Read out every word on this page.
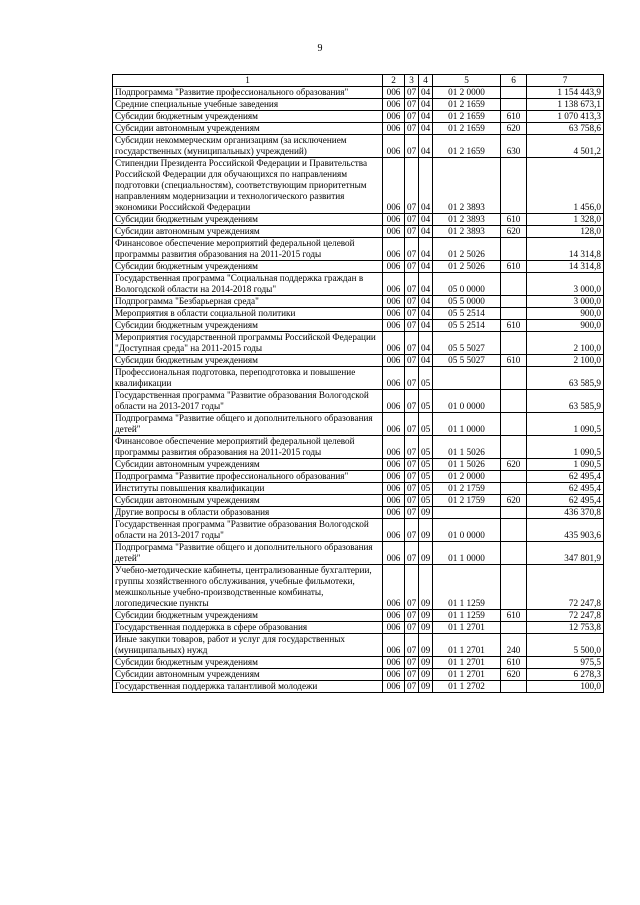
9
1	2	3	4	5	6	7
Подпрограмма "Развитие профессионального образования"	006	07	04	01 2 0000		1 154 443,9
Средние специальные учебные заведения	006	07	04	01 2 1659		1 138 673,1
Субсидии бюджетным учреждениям	006	07	04	01 2 1659	610	1 070 413,3
Субсидии автономным учреждениям	006	07	04	01 2 1659	620	63 758,6
Субсидии некоммерческим организациям (за исключением государственных (муниципальных) учреждений)	006	07	04	01 2 1659	630	4 501,2
Стипендии Президента Российской Федерации и Правительства Российской Федерации для обучающихся по направлениям подготовки (специальностям), соответствующим приоритетным направлениям модернизации и технологического развития экономики Российской Федерации	006	07	04	01 2 3893		1 456,0
Субсидии бюджетным учреждениям	006	07	04	01 2 3893	610	1 328,0
Субсидии автономным учреждениям	006	07	04	01 2 3893	620	128,0
Финансовое обеспечение мероприятий федеральной целевой программы развития образования на 2011-2015 годы	006	07	04	01 2 5026		14 314,8
Субсидии бюджетным учреждениям	006	07	04	01 2 5026	610	14 314,8
Государственная программа "Социальная поддержка граждан в Вологодской области на 2014-2018 годы"	006	07	04	05 0 0000		3 000,0
Подпрограмма "Безбарьерная среда"	006	07	04	05 5 0000		3 000,0
Мероприятия в области социальной политики	006	07	04	05 5 2514		900,0
Субсидии бюджетным учреждениям	006	07	04	05 5 2514	610	900,0
Мероприятия государственной программы Российской Федерации "Доступная среда" на 2011-2015 годы	006	07	04	05 5 5027		2 100,0
Субсидии бюджетным учреждениям	006	07	04	05 5 5027	610	2 100,0
Профессиональная подготовка, переподготовка и повышение квалификации	006	07	05			63 585,9
Государственная программа "Развитие образования Вологодской области на 2013-2017 годы"	006	07	05	01 0 0000		63 585,9
Подпрограмма "Развитие общего и дополнительного образования детей"	006	07	05	01 1 0000		1 090,5
Финансовое обеспечение мероприятий федеральной целевой программы развития образования на 2011-2015 годы	006	07	05	01 1 5026		1 090,5
Субсидии автономным учреждениям	006	07	05	01 1 5026	620	1 090,5
Подпрограмма "Развитие профессионального образования"	006	07	05	01 2 0000		62 495,4
Институты повышения квалификации	006	07	05	01 2 1759		62 495,4
Субсидии автономным учреждениям	006	07	05	01 2 1759	620	62 495,4
Другие вопросы в области образования	006	07	09			436 370,8
Государственная программа "Развитие образования Вологодской области на 2013-2017 годы"	006	07	09	01 0 0000		435 903,6
Подпрограмма "Развитие общего и дополнительного образования детей"	006	07	09	01 1 0000		347 801,9
Учебно-методические кабинеты, централизованные бухгалтерии, группы хозяйственного обслуживания, учебные фильмотеки, межшкольные учебно-производственные комбинаты, логопедические пункты	006	07	09	01 1 1259		72 247,8
Субсидии бюджетным учреждениям	006	07	09	01 1 1259	610	72 247,8
Государственная поддержка в сфере образования	006	07	09	01 1 2701		12 753,8
Иные закупки товаров, работ и услуг для государственных (муниципальных) нужд	006	07	09	01 1 2701	240	5 500,0
Субсидии бюджетным учреждениям	006	07	09	01 1 2701	610	975,5
Субсидии автономным учреждениям	006	07	09	01 1 2701	620	6 278,3
Государственная поддержка талантливой молодежи	006	07	09	01 1 2702		100,0
